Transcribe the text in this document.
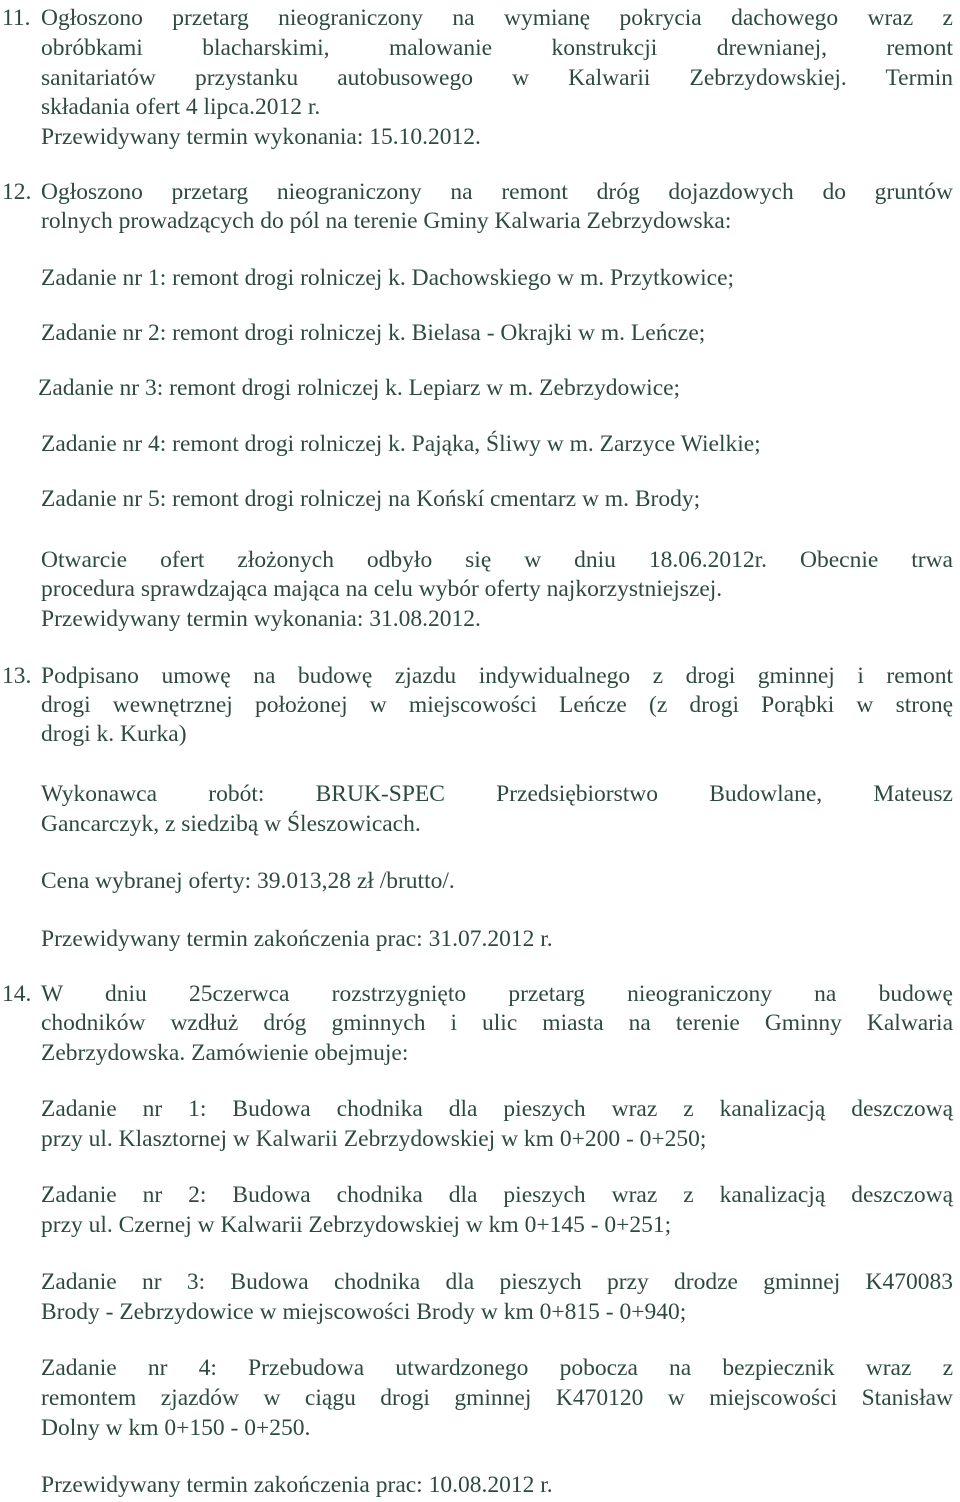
11. Ogłoszono przetarg nieograniczony na wymianę pokrycia dachowego wraz z
obróbkami blacharskimi, malowanie konstrukcji drewnianej, remont
sanitariatów przystanku autobusowego w Kalwarii Zebrzydowskiej. Termin
składania ofert 4 lipca.2012 r.
Przewidywany termin wykonania: 15.10.2012.
12. Ogłoszono przetarg nieograniczony na remont dróg dojazdowych do gruntów
rolnych prowadzących do pól na terenie Gminy Kalwaria Zebrzydowska:
Zadanie nr 1: remont drogi rolniczej k. Dachowskiego w m. Przytkowice;
Zadanie nr 2: remont drogi rolniczej k. Bielasa - Okrajki w m. Leńcze;
Zadanie nr 3: remont drogi rolniczej k. Lepiarz w m. Zebrzydowice;
Zadanie nr 4: remont drogi rolniczej k. Pająka, Śliwy w m. Zarzyce Wielkie;
Zadanie nr 5: remont drogi rolniczej na Końskí cmentarz w m. Brody;
Otwarcie ofert złożonych odbyło się w dniu 18.06.2012r. Obecnie trwa
procedura sprawdzająca mająca na celu wybór oferty najkorzystniejszej.
Przewidywany termin wykonania: 31.08.2012.
13. Podpisano umowę na budowę zjazdu indywidualnego z drogi gminnej i remont
drogi wewnętrznej położonej w miejscowości Leńcze (z drogi Porąbki w stronę
drogi k. Kurka)
Wykonawca robót: BRUK-SPEC Przedsiębiorstwo Budowlane, Mateusz
Gancarczyk, z siedzibą w Śleszowicach.
Cena wybranej oferty: 39.013,28 zł /brutto/.
Przewidywany termin zakończenia prac: 31.07.2012 r.
14. W dniu 25czerwca rozstrzygnięto przetarg nieograniczony na budowę
chodników wzdłuż dróg gminnych i ulic miasta na terenie Gminny Kalwaria
Zebrzydowska. Zamówienie obejmuje:
Zadanie nr 1: Budowa chodnika dla pieszych wraz z kanalizacją deszczową
przy ul. Klasztornej w Kalwarii Zebrzydowskiej w km 0+200 - 0+250;
Zadanie nr 2: Budowa chodnika dla pieszych wraz z kanalizacją deszczową
przy ul. Czernej w Kalwarii Zebrzydowskiej w km 0+145 - 0+251;
Zadanie nr 3: Budowa chodnika dla pieszych przy drodze gminnej K470083
Brody - Zebrzydowice w miejscowości Brody w km 0+815 - 0+940;
Zadanie nr 4: Przebudowa utwardzonego pobocza na bezpiecznik wraz z
remontem zjazdów w ciągu drogi gminnej K470120 w miejscowości Stanisław
Dolny w km 0+150 - 0+250.
Przewidywany termin zakończenia prac: 10.08.2012 r.
